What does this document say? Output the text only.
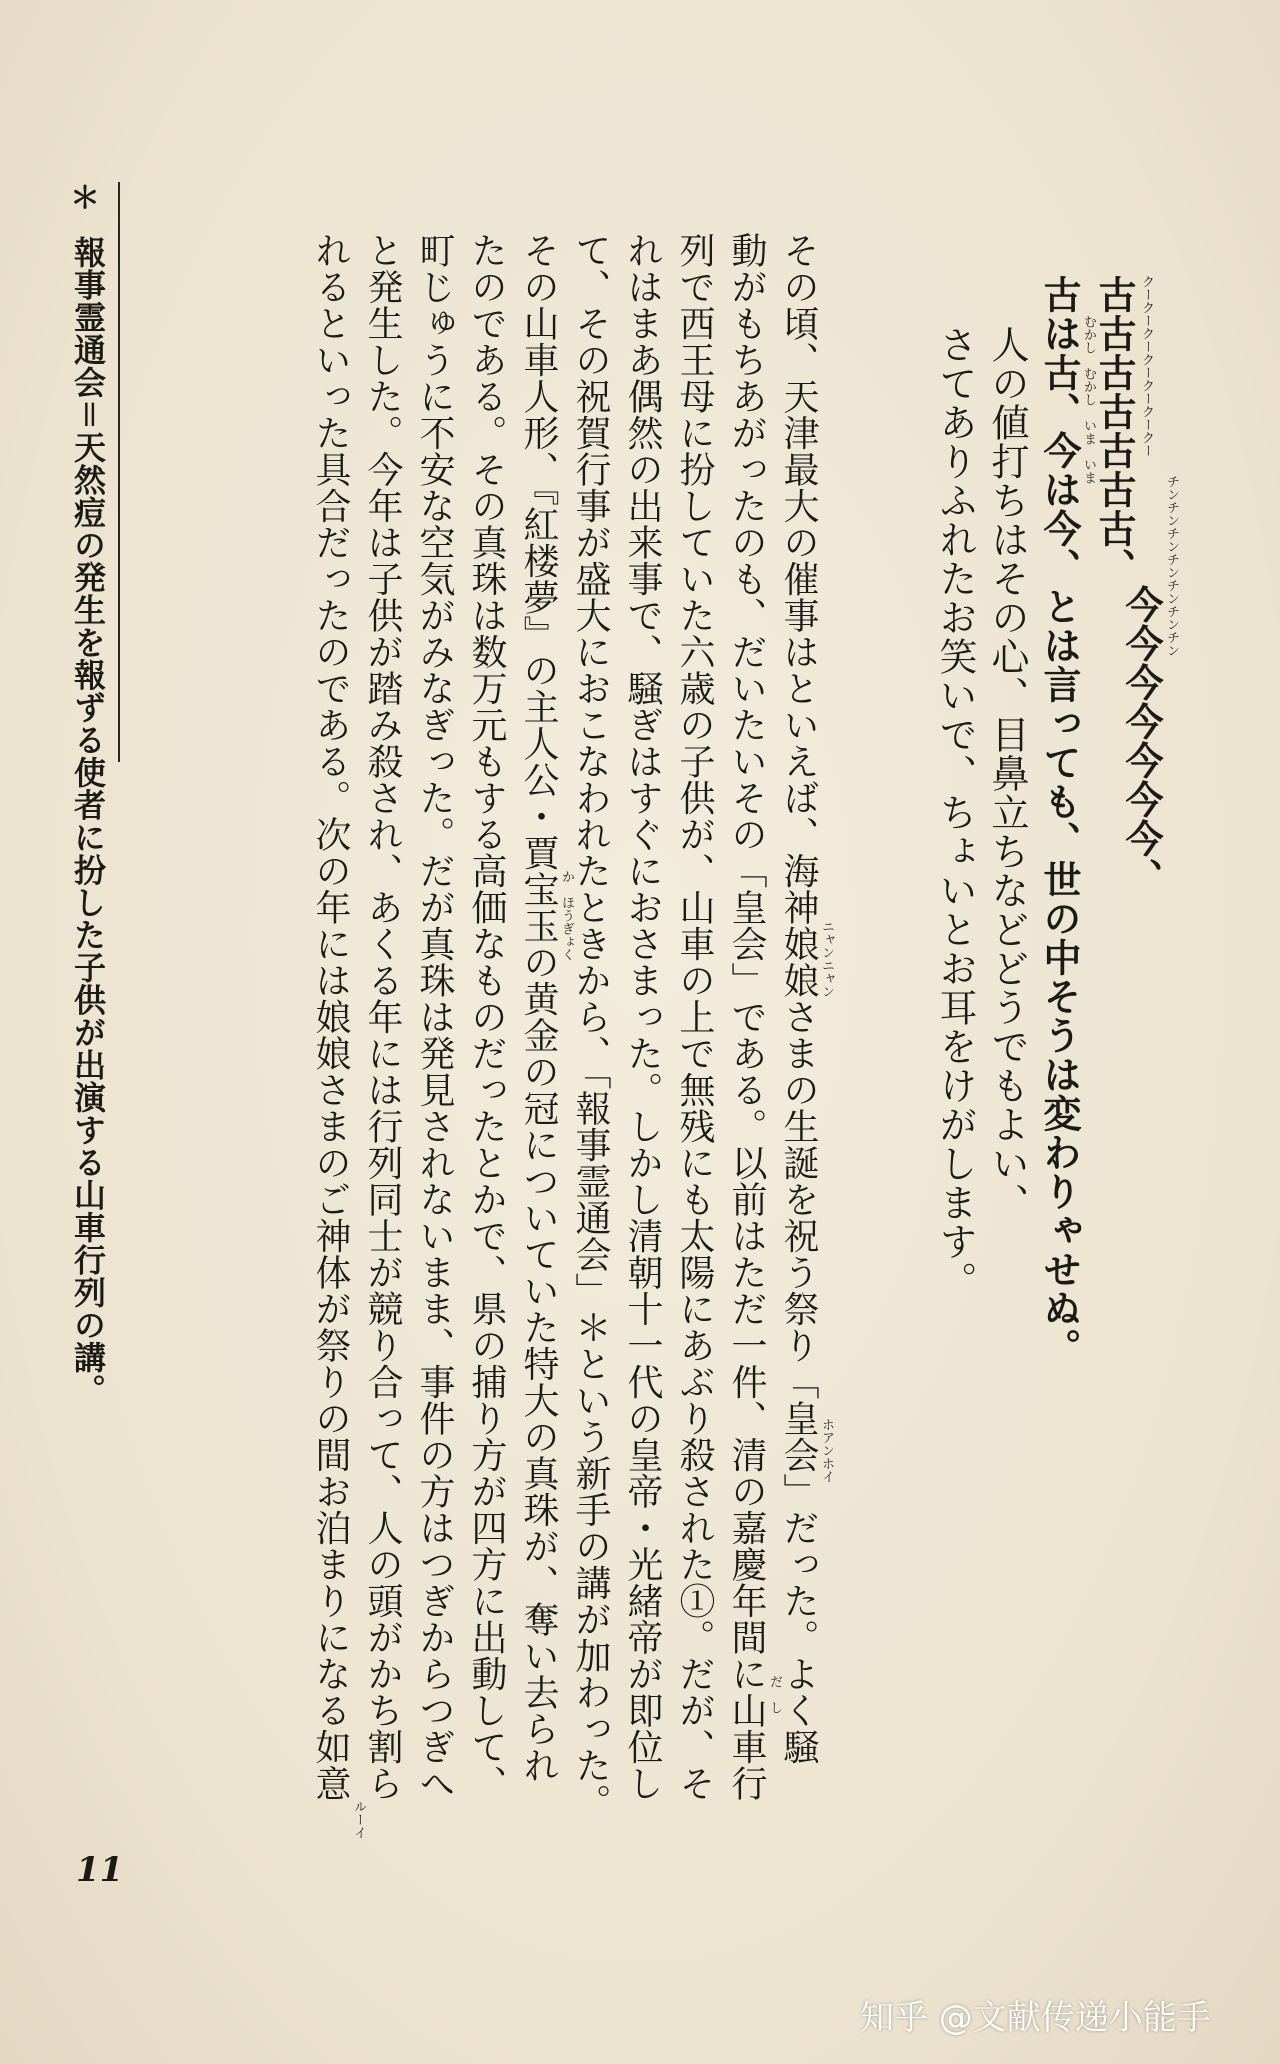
古古古古古古古、 クークークークークークークー
今今今今今今今、
チンチンチンチンチンチンチン
古は古、今は今、とは言っても、世の中そうは変わりゃせぬ。 むかし　むかし　いま　いま
人の値打ちはその心、目鼻立ちなどどうでもよい、
さてありふれたお笑いで、ちょいとお耳をけがします。
その頃、天津最大の催事はといえば、海神娘娘さまの生誕を祝う祭り「皇会」だった。よく騒
動がもちあがったのも、だいたいその「皇会」である。以前はただ一件、清の嘉慶年間に山車行
列で西王母に扮していた六歳の子供が、山車の上で無残にも太陽にあぶり殺された①。だが、そ
れはまあ偶然の出来事で、騒ぎはすぐにおさまった。しかし清朝十一代の皇帝・光緒帝が即位し
て、その祝賀行事が盛大におこなわれたときから、「報事霊通会」＊という新手の講が加わった。
その山車人形、『紅楼夢』の主人公・賈宝玉の黄金の冠についていた特大の真珠が、奪い去られ
たのである。その真珠は数万元もする高価なものだったとかで、県の捕り方が四方に出動して、
町じゅうに不安な空気がみなぎった。だが真珠は発見されないまま、事件の方はつぎからつぎへ
と発生した。今年は子供が踏み殺され、あくる年には行列同士が競り合って、人の頭がかち割ら
れるといった具合だったのである。次の年には娘娘さまのご神体が祭りの間お泊まりになる如意	ニャンニャン
ホアンホイ
だ　し
か　ほうぎょく
ルーイ
＊
報事霊通会＝天然痘の発生を報ずる使者に扮した子供が出演する山車行列の講。
11
知乎 @文献传递小能手
